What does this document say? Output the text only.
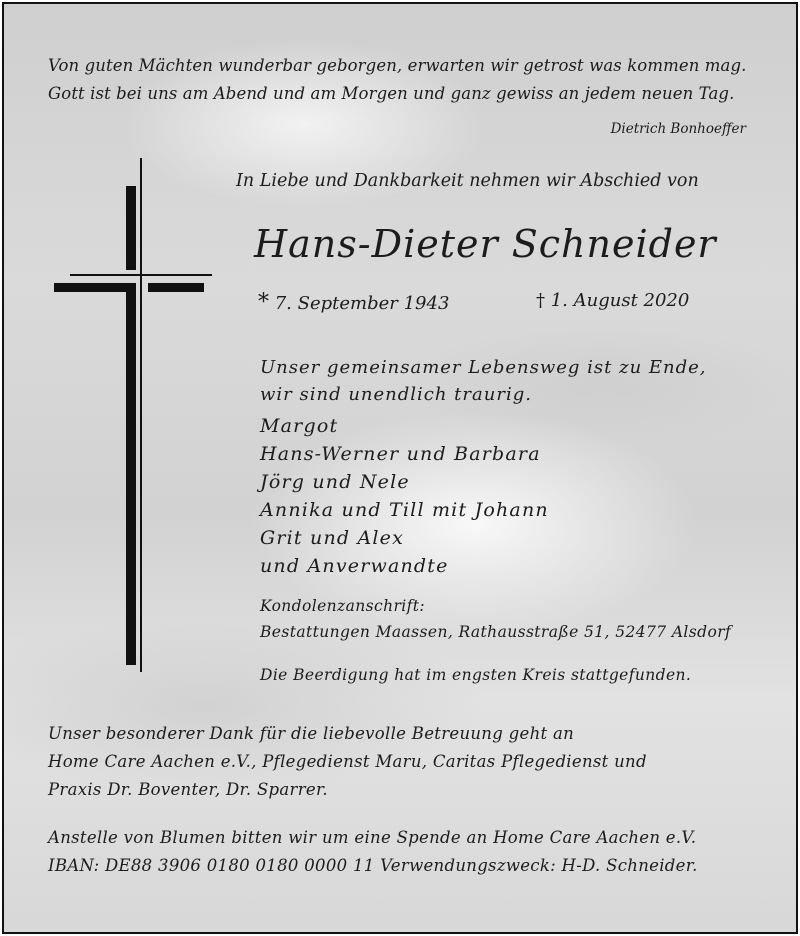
Von guten Mächten wunderbar geborgen, erwarten wir getrost was kommen mag.
Gott ist bei uns am Abend und am Morgen und ganz gewiss an jedem neuen Tag.
Dietrich Bonhoeffer
In Liebe und Dankbarkeit nehmen wir Abschied von
Hans-Dieter Schneider
* 7. September 1943	† 1. August 2020
Unser gemeinsamer Lebensweg ist zu Ende,
wir sind unendlich traurig.
Margot
Hans-Werner und Barbara
Jörg und Nele
Annika und Till mit Johann
Grit und Alex
und Anverwandte
Kondolenzanschrift:
Bestattungen Maassen, Rathausstraße 51, 52477 Alsdorf
Die Beerdigung hat im engsten Kreis stattgefunden.
Unser besonderer Dank für die liebevolle Betreuung geht an
Home Care Aachen e.V., Pflegedienst Maru, Caritas Pflegedienst und
Praxis Dr. Boventer, Dr. Sparrer.
Anstelle von Blumen bitten wir um eine Spende an Home Care Aachen e.V.
IBAN: DE88 3906 0180 0180 0000 11 Verwendungszweck: H-D. Schneider.
